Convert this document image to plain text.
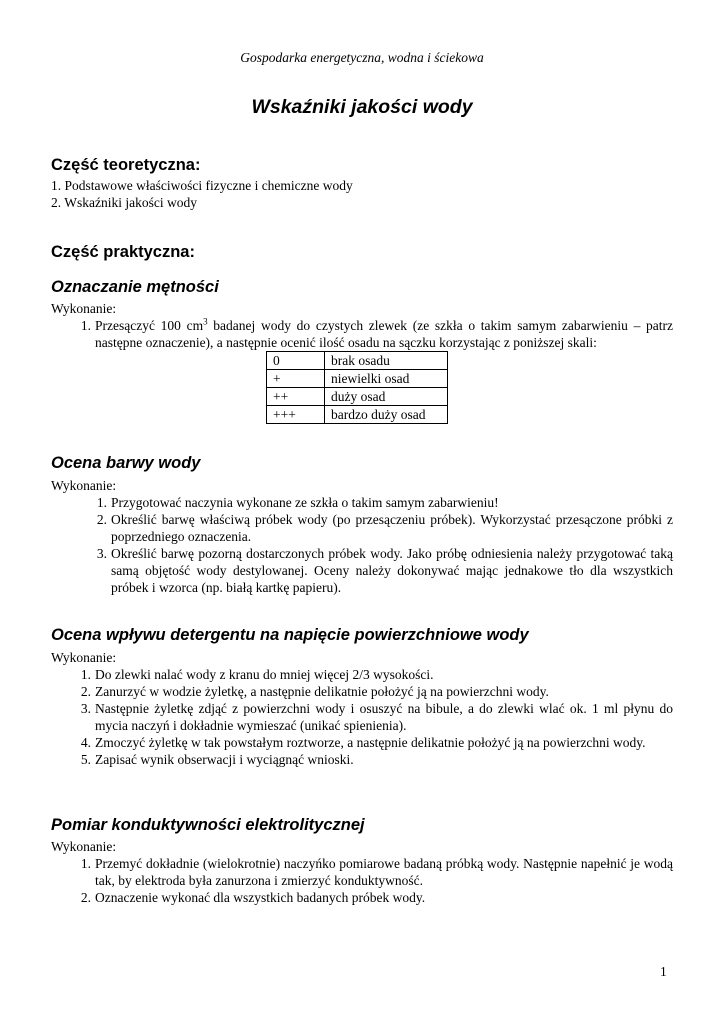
Gospodarka energetyczna, wodna i ściekowa
Wskaźniki jakości wody
Część teoretyczna:
1. Podstawowe właściwości fizyczne i chemiczne wody
2. Wskaźniki jakości wody
Część praktyczna:
Oznaczanie mętności
Wykonanie:
1. Przesączyć 100 $cm^3$ badanej wody do czystych zlewek (ze szkła o takim samym zabarwieniu – patrz następne oznaczenie), a następnie ocenić ilość osadu na sączku korzystając z poniższej skali:
0	brak osadu
+	niewielki osad
++	duży osad
+++	bardzo duży osad
Ocena barwy wody
Wykonanie:
1. Przygotować naczynia wykonane ze szkła o takim samym zabarwieniu!
2. Określić barwę właściwą próbek wody (po przesączeniu próbek). Wykorzystać przesączone próbki z poprzedniego oznaczenia.
3. Określić barwę pozorną dostarczonych próbek wody. Jako próbę odniesienia należy przygotować taką samą objętość wody destylowanej. Oceny należy dokonywać mając jednakowe tło dla wszystkich próbek i wzorca (np. białą kartkę papieru).
Ocena wpływu detergentu na napięcie powierzchniowe wody
Wykonanie:
1. Do zlewki nalać wody z kranu do mniej więcej 2/3 wysokości.
2. Zanurzyć w wodzie żyletkę, a następnie delikatnie położyć ją na powierzchni wody.
3. Następnie żyletkę zdjąć z powierzchni wody i osuszyć na bibule, a do zlewki wlać ok. 1 ml płynu do mycia naczyń i dokładnie wymieszać (unikać spienienia).
4. Zmoczyć żyletkę w tak powstałym roztworze, a następnie delikatnie położyć ją na powierzchni wody.
5. Zapisać wynik obserwacji i wyciągnąć wnioski.
Pomiar konduktywności elektrolitycznej
Wykonanie:
1. Przemyć dokładnie (wielokrotnie) naczyńko pomiarowe badaną próbką wody. Następnie napełnić je wodą tak, by elektroda była zanurzona i zmierzyć konduktywność.
2. Oznaczenie wykonać dla wszystkich badanych próbek wody.
1
